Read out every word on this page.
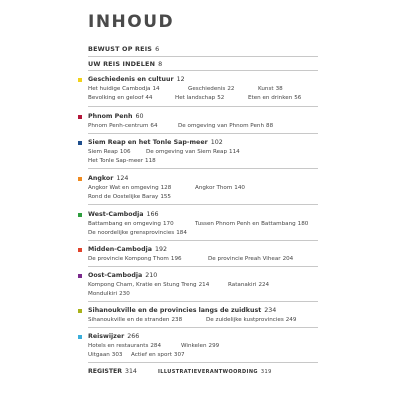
INHOUD
BEWUST OP REIS 6
UW REIS INDELEN 8
Geschiedenis en cultuur 12
Het huidige Cambodja 14	Geschiedenis 22	Kunst 38
Bevolking en geloof 44	Het landschap 52	Eten en drinken 56
Phnom Penh 60
Phnom Penh-centrum 64	De omgeving van Phnom Penh 88
Siem Reap en het Tonle Sap-meer 102
Siem Reap 106	De omgeving van Siem Reap 114
Het Tonle Sap-meer 118
Angkor 124
Angkor Wat en omgeving 128	Angkor Thom 140
Rond de Oostelijke Baray 155
West-Cambodja 166
Battambang en omgeving 170	Tussen Phnom Penh en Battambang 180
De noordelijke grensprovincies 184
Midden-Cambodja 192
De provincie Kompong Thom 196	De provincie Preah Vihear 204
Oost-Cambodja 210
Kompong Cham, Kratie en Stung Treng 214	Ratanakiri 224
Mondulkiri 230
Sihanoukville en de provincies langs de zuidkust 234
Sihanoukville en de stranden 238	De zuidelijke kustprovincies 249
Reiswijzer 266
Hotels en restaurants 284	Winkelen 299
Uitgaan 303 Actief en sport 307
REGISTER 314	ILLUSTRATIEVERANTWOORDING 319
